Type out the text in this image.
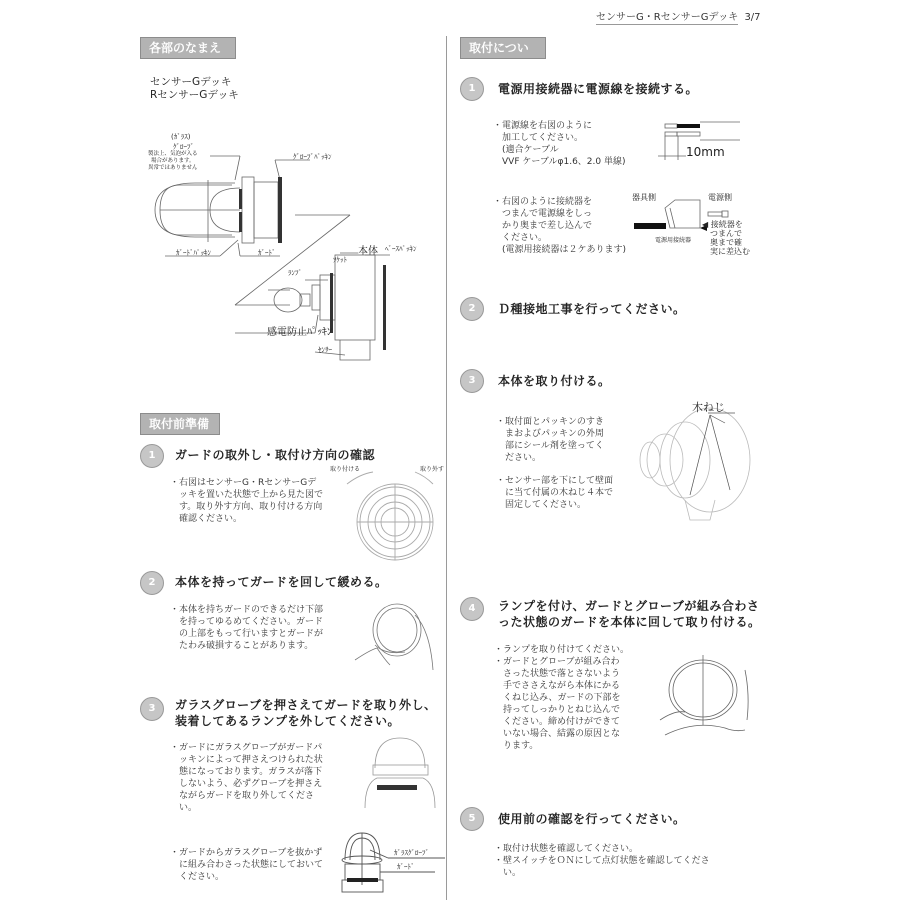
センサーG・RセンサーGデッキ 3/7
各部のなまえ
センサーGデッキ
RセンサーGデッキ
(ｶﾞﾗｽ)
ｸﾞﾛｰﾌﾞ
製法上、気泡が入る
場合があります。
異常ではありません
ｸﾞﾛｰﾌﾞﾊﾟｯｷﾝ
ｶﾞｰﾄﾞﾊﾟｯｷﾝ	ｶﾞｰﾄﾞ	本体 ﾍﾞｰｽﾊﾟｯｷﾝ
ｿｹｯﾄ
ﾗﾝﾌﾟ
感電防止ﾊﾟｯｷﾝ
ｾﾝｻｰ
取付前準備
1	ガードの取外し・取付け方向の確認
・右図はセンサーG・RセンサーGデ
　ッキを置いた状態で上から見た図で
　す。取り外す方向、取り付ける方向
　確認ください。
取り付ける	取り外す
2	本体を持ってガードを回して緩める。
・本体を持ちガードのできるだけ下部
　を持ってゆるめてください。ガード
　の上部をもって行いますとガードが
　たわみ破損することがあります。
3	ガラスグローブを押さえてガードを取り外し、
装着してあるランプを外してください。
・ガードにガラスグローブがガードパ
　ッキンによって押さえつけられた状
　態になっております。ガラスが落下
　しないよう、必ずグローブを押さえ
　ながらガードを取り外してくださ
　い。
・ガードからガラスグローブを抜かず
　に組み合わさった状態にしておいて
　ください。
ｶﾞﾗｽｸﾞﾛｰﾌﾞ
ｶﾞｰﾄﾞ
取付について
1	電源用接続器に電源線を接続する。
・電源線を右図のように
　加工してください。
　(適合ケーブル
　VVF ケーブルφ1.6、2.0 単線)
10mm
・右図のように接続器を
　つまんで電源線をしっ
　かり奥まで差し込んで
　ください。
　(電源用接続器は２ケあります)
器具側	電源側
電源用接続器
◀ 接続器を
　つまんで
　奥まで確
　実に差込む
2	Ｄ種接地工事を行ってください。
3	本体を取り付ける。
・取付面とパッキンのすき
　まおよびパッキンの外周
　部にシール剤を塗ってく
　ださい。
・センサー部を下にして壁面
　に当て付属の木ねじ４本で
　固定してください。
木ねじ
4	ランプを付け、ガードとグローブが組み合わさ
った状態のガードを本体に回して取り付ける。
・ランプを取り付けてください。
・ガードとグローブが組み合わ
　さった状態で落とさないよう
　手でささえながら本体にかる
　くねじ込み、ガードの下部を
　持ってしっかりとねじ込んで
　ください。締め付けができて
　いない場合、結露の原因とな
　ります。
5	使用前の確認を行ってください。
・取付け状態を確認してください。
・壁スイッチをＯＮにして点灯状態を確認してくださ
　い。
